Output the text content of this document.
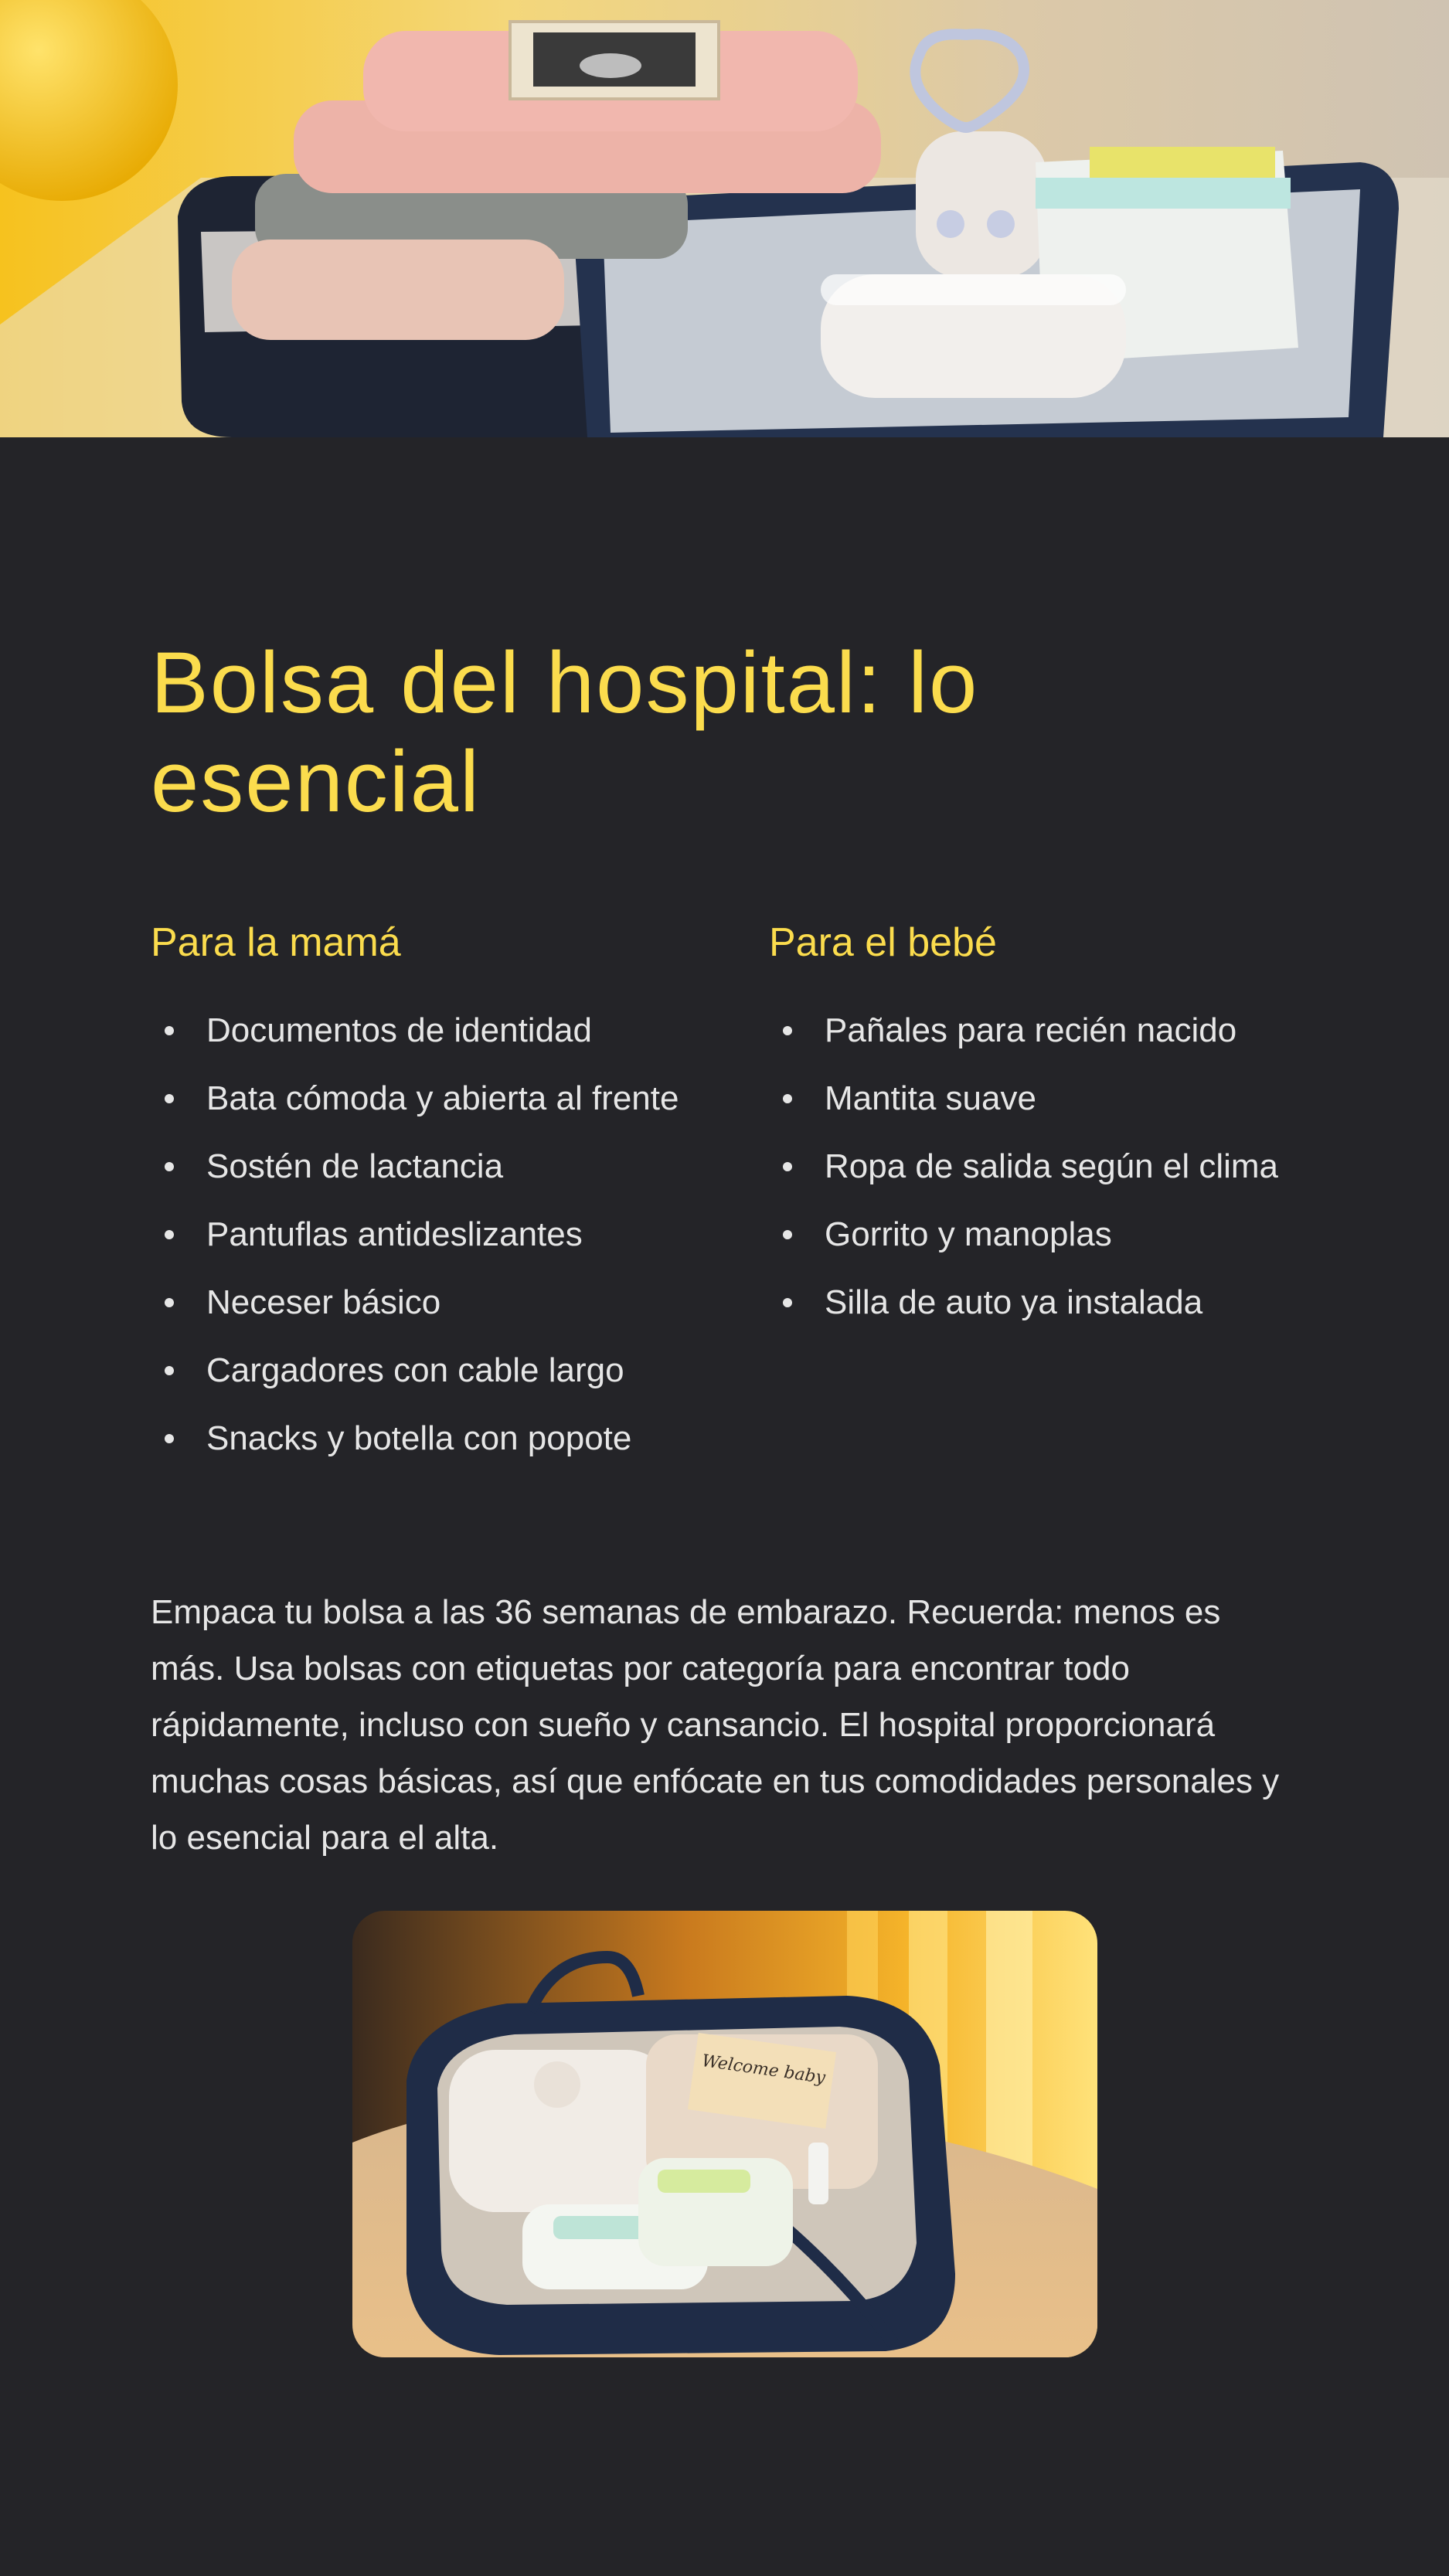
Bolsa del hospital: lo esencial
Para la mamá
Documentos de identidad
Bata cómoda y abierta al frente
Sostén de lactancia
Pantuflas antideslizantes
Neceser básico
Cargadores con cable largo
Snacks y botella con popote
Para el bebé
Pañales para recién nacido
Mantita suave
Ropa de salida según el clima
Gorrito y manoplas
Silla de auto ya instalada

Empaca tu bolsa a las 36 semanas de embarazo. Recuerda: menos es más. Usa bolsas con etiquetas por categoría para encontrar todo rápidamente, incluso con sueño y cansancio. El hospital proporcionará muchas cosas básicas, así que enfócate en tus comodidades personales y lo esencial para el alta.

Welcome baby
